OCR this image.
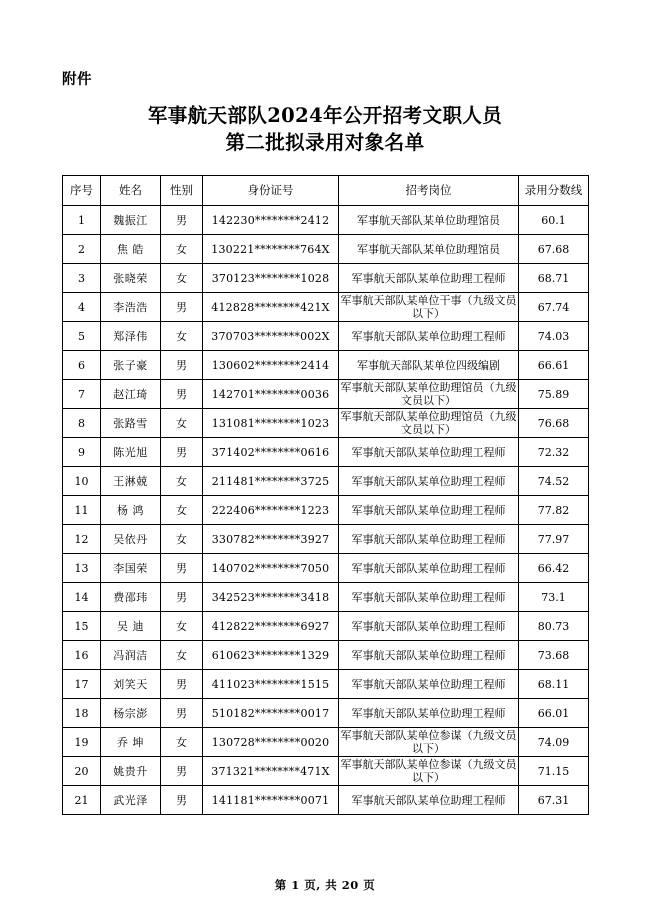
附件
军事航天部队2024年公开招考文职人员
第二批拟录用对象名单
序号	姓名	性别	身份证号	招考岗位	录用分数线
1	魏振江	男	142230********2412	军事航天部队某单位助理馆员	60.1
2	焦 皓	女	130221********764X	军事航天部队某单位助理馆员	67.68
3	张晓荣	女	370123********1028	军事航天部队某单位助理工程师	68.71
4	李浩浩	男	412828********421X	军事航天部队某单位干事（九级文员以下）	67.74
5	郑泽伟	女	370703********002X	军事航天部队某单位助理工程师	74.03
6	张子豪	男	130602********2414	军事航天部队某单位四级编剧	66.61
7	赵江琦	男	142701********0036	军事航天部队某单位助理馆员（九级文员以下）	75.89
8	张路雪	女	131081********1023	军事航天部队某单位助理馆员（九级文员以下）	76.68
9	陈光旭	男	371402********0616	军事航天部队某单位助理工程师	72.32
10	王淋兢	女	211481********3725	军事航天部队某单位助理工程师	74.52
11	杨 鸿	女	222406********1223	军事航天部队某单位助理工程师	77.82
12	吴依丹	女	330782********3927	军事航天部队某单位助理工程师	77.97
13	李国荣	男	140702********7050	军事航天部队某单位助理工程师	66.42
14	费邵玮	男	342523********3418	军事航天部队某单位助理工程师	73.1
15	吴 迪	女	412822********6927	军事航天部队某单位助理工程师	80.73
16	冯润洁	女	610623********1329	军事航天部队某单位助理工程师	73.68
17	刘笑天	男	411023********1515	军事航天部队某单位助理工程师	68.11
18	杨宗澎	男	510182********0017	军事航天部队某单位助理工程师	66.01
19	乔 坤	女	130728********0020	军事航天部队某单位参谋（九级文员以下）	74.09
20	姚贵升	男	371321********471X	军事航天部队某单位参谋（九级文员以下）	71.15
21	武光泽	男	141181********0071	军事航天部队某单位助理工程师	67.31
第 1 页, 共 20 页
